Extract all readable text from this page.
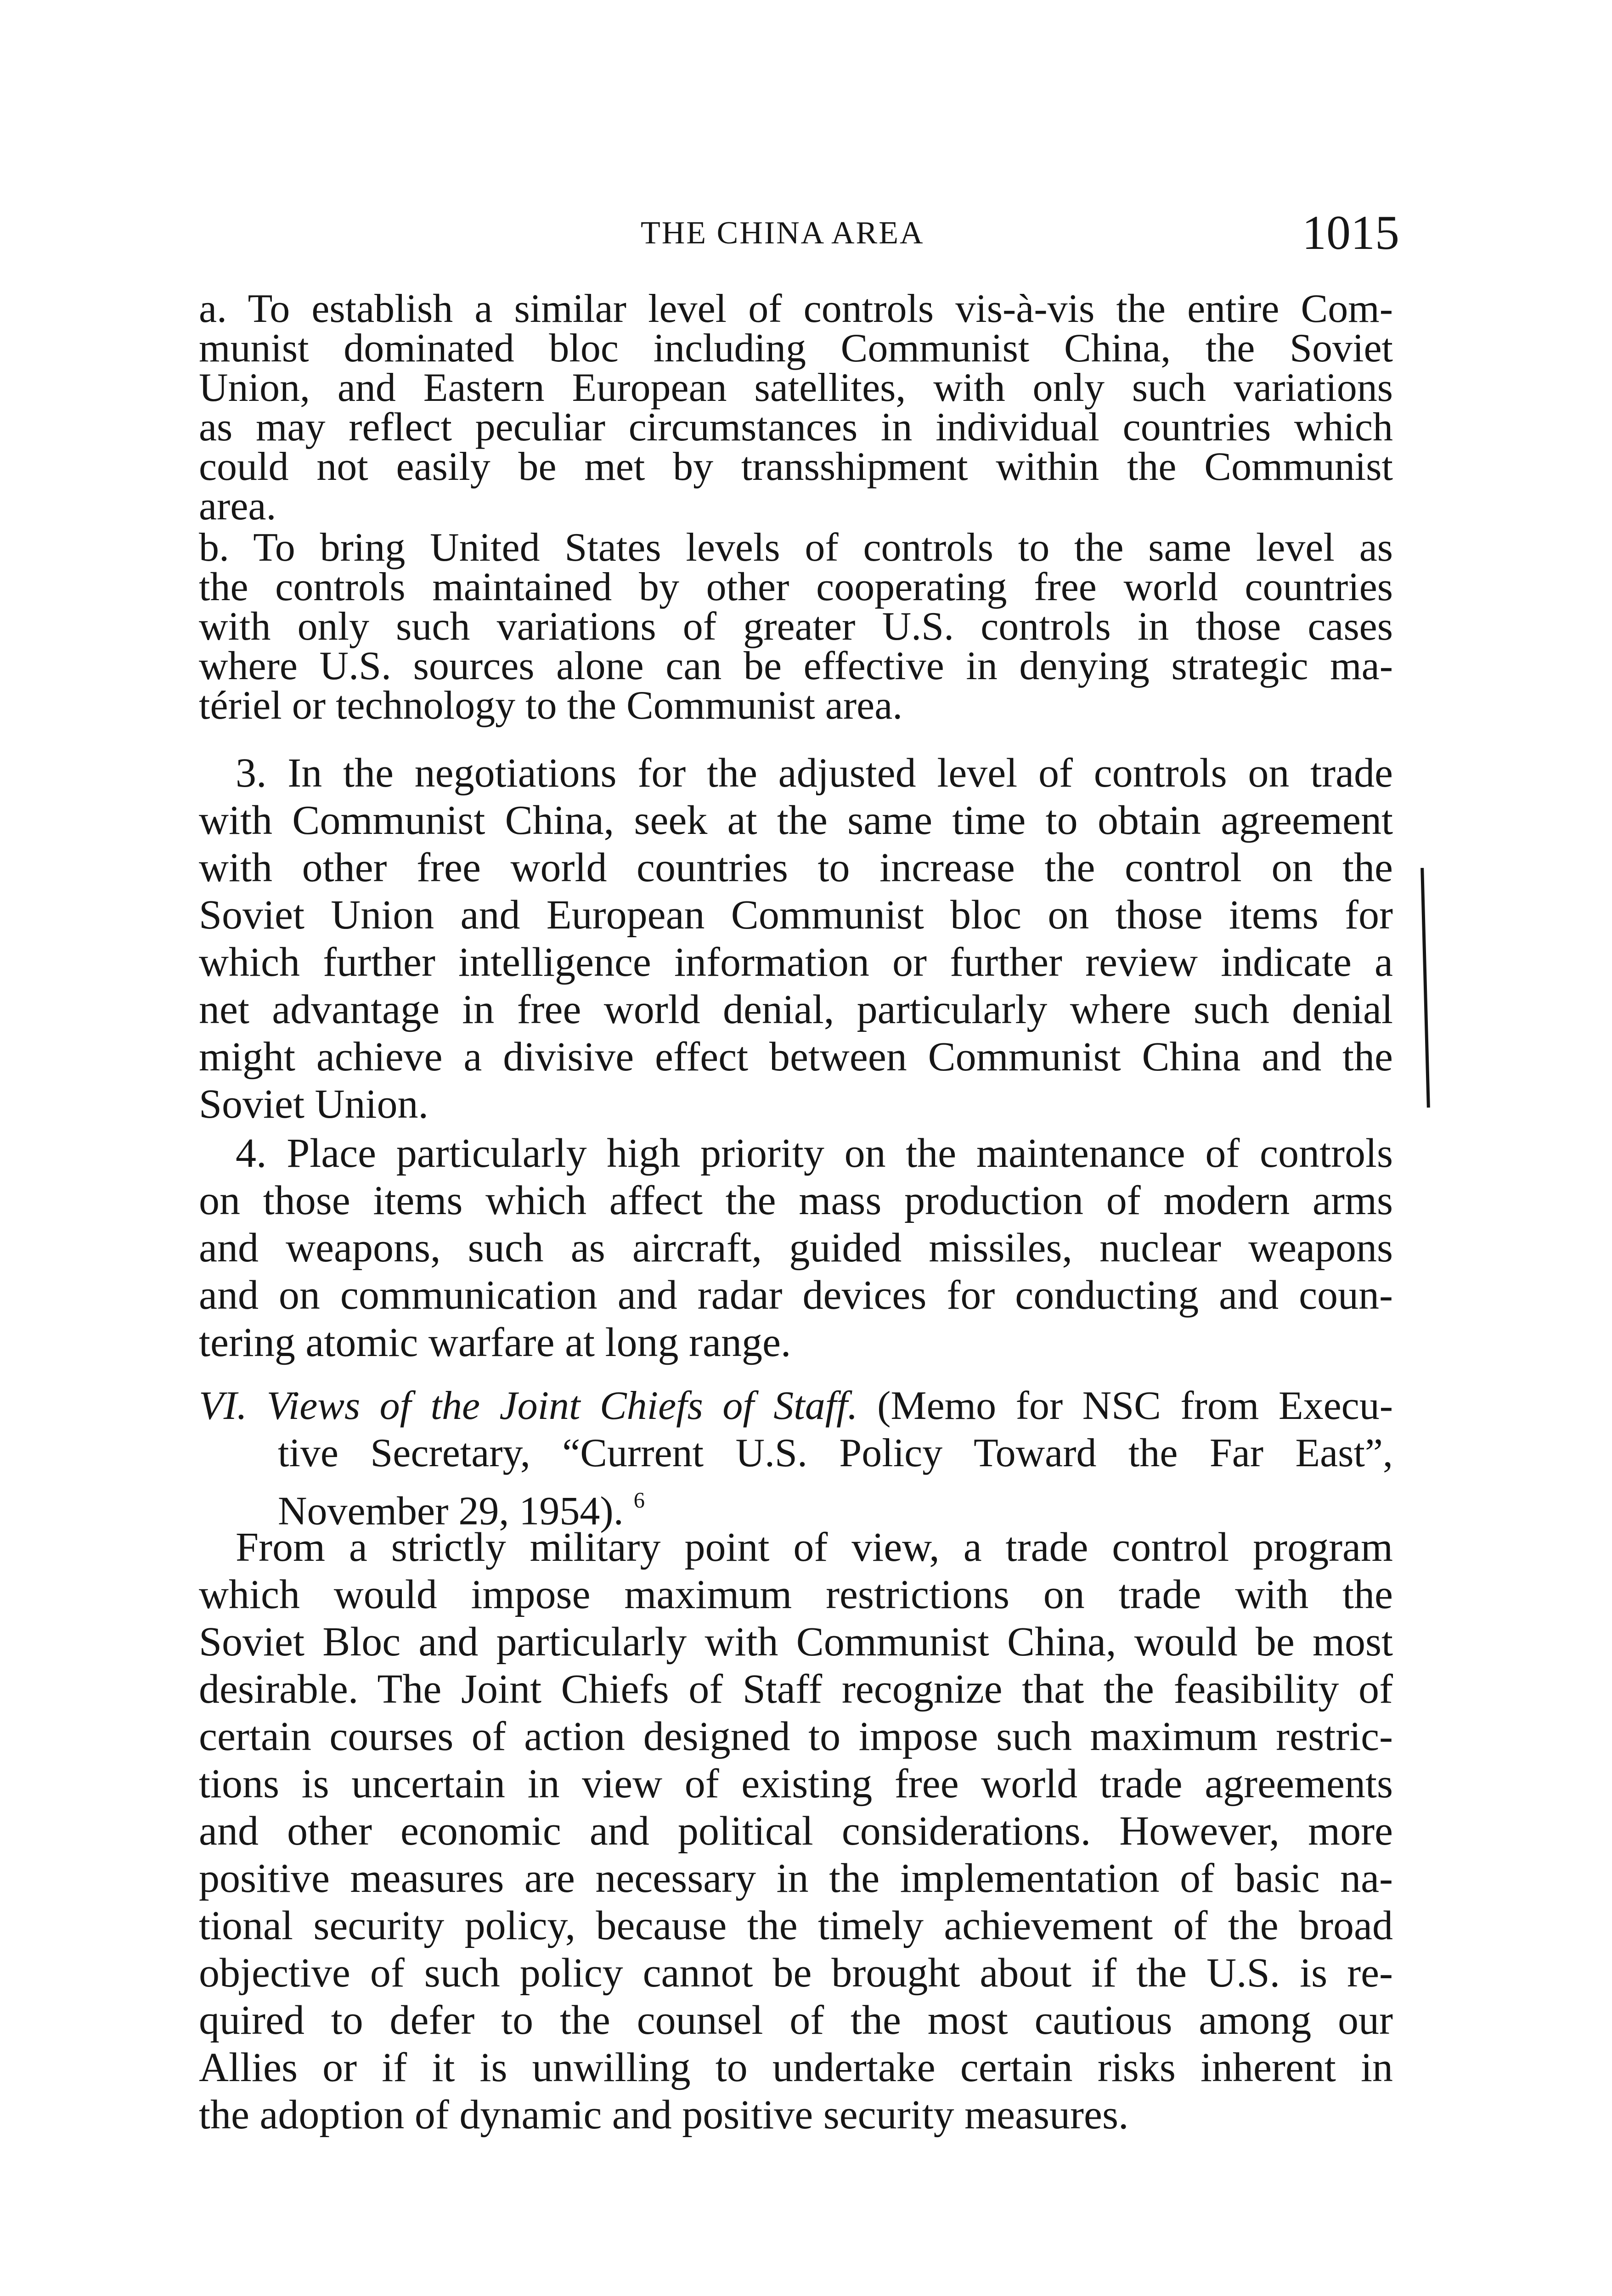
THE CHINA AREA	1015
a. To establish a similar level of controls vis-à-vis the entire Com-
munist dominated bloc including Communist China, the Soviet
Union, and Eastern European satellites, with only such variations
as may reflect peculiar circumstances in individual countries which
could not easily be met by transshipment within the Communist
area.
b. To bring United States levels of controls to the same level as
the controls maintained by other cooperating free world countries
with only such variations of greater U.S. controls in those cases
where U.S. sources alone can be effective in denying strategic ma-
tériel or technology to the Communist area.
3. In the negotiations for the adjusted level of controls on trade
with Communist China, seek at the same time to obtain agreement
with other free world countries to increase the control on the
Soviet Union and European Communist bloc on those items for
which further intelligence information or further review indicate a
net advantage in free world denial, particularly where such denial
might achieve a divisive effect between Communist China and the
Soviet Union.
4. Place particularly high priority on the maintenance of controls
on those items which affect the mass production of modern arms
and weapons, such as aircraft, guided missiles, nuclear weapons
and on communication and radar devices for conducting and coun-
tering atomic warfare at long range.
VI. Views of the Joint Chiefs of Staff. (Memo for NSC from Execu-
tive Secretary, “Current U.S. Policy Toward the Far East”,
November 29, 1954). $^6$
From a strictly military point of view, a trade control program
which would impose maximum restrictions on trade with the
Soviet Bloc and particularly with Communist China, would be most
desirable. The Joint Chiefs of Staff recognize that the feasibility of
certain courses of action designed to impose such maximum restric-
tions is uncertain in view of existing free world trade agreements
and other economic and political considerations. However, more
positive measures are necessary in the implementation of basic na-
tional security policy, because the timely achievement of the broad
objective of such policy cannot be brought about if the U.S. is re-
quired to defer to the counsel of the most cautious among our
Allies or if it is unwilling to undertake certain risks inherent in
the adoption of dynamic and positive security measures.
